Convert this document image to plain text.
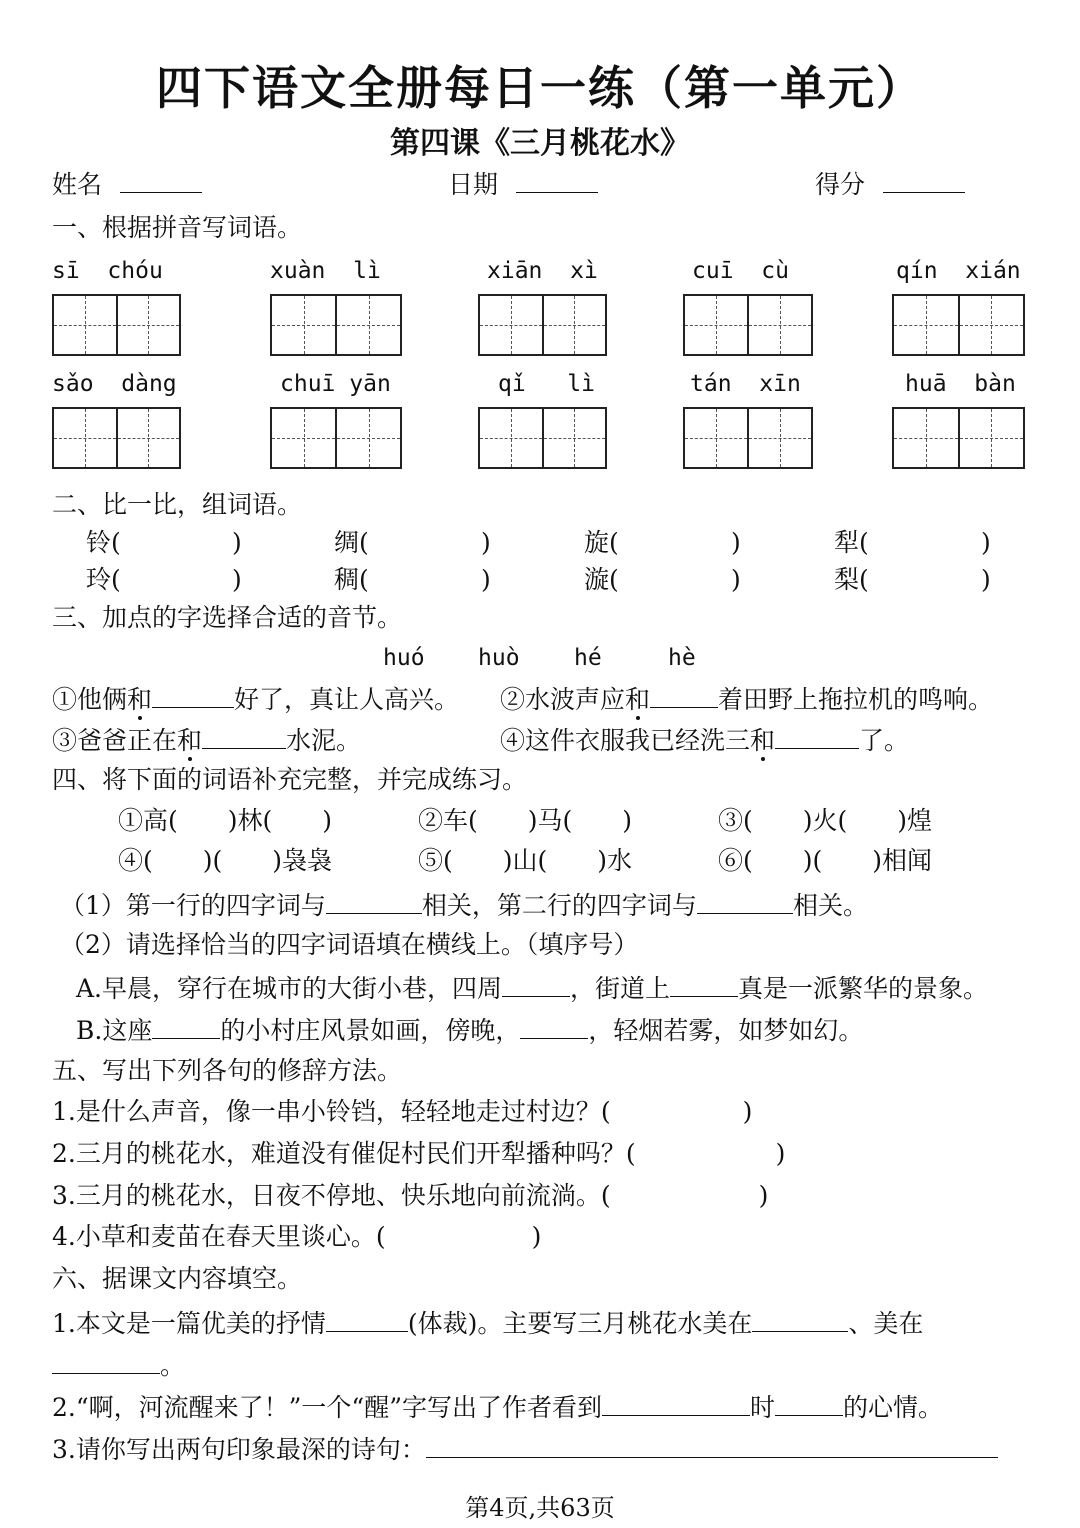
四下语文全册每日一练（第一单元）
第四课《三月桃花水》
姓名	日期	得分
一、根据拼音写词语。
sī chóu	xuàn lì	xiān xì	cuī cù	qín xián
sǎo dàng	chuī yān	qǐ lì	tán xīn	huā bàn
二、比一比，组词语。
铃(	)	绸(	)	旋(	)	犁(	)
玲(	)	稠(	)	漩(	)	梨(	)
三、加点的字选择合适的音节。
huó huò hé	hè
①他俩和	好了，真让人高兴。 ②水波声应和	着田野上拖拉机的鸣响。
③爸爸正在和	水泥。	④这件衣服我已经洗三和	了。
四、将下面的词语补充完整，并完成练习。
①高(　　)林(　　)	②车(　　)马(　　)	③(　　)火(　　)煌
④(　　)(　　)袅袅	⑤(　　)山(　　)水	⑥(　　)(　　)相闻
（1）第一行的四字词与	相关，第二行的四字词与	相关。
（2）请选择恰当的四字词语填在横线上。（填序号）
A.早晨，穿行在城市的大街小巷，四周	，街道上	真是一派繁华的景象。
B.这座	的小村庄风景如画，傍晚，	，轻烟若雾，如梦如幻。
五、写出下列各句的修辞方法。
1.是什么声音，像一串小铃铛，轻轻地走过村边？(	)
2.三月的桃花水，难道没有催促村民们开犁播种吗？(	)
3.三月的桃花水，日夜不停地、快乐地向前流淌。(	)
4.小草和麦苗在春天里谈心。(	)
六、据课文内容填空。
1.本文是一篇优美的抒情	(体裁)。主要写三月桃花水美在	、美在
。
2.“啊，河流醒来了！”一个“醒”字写出了作者看到	时	的心情。
3.请你写出两句印象最深的诗句：
第4页,共63页
